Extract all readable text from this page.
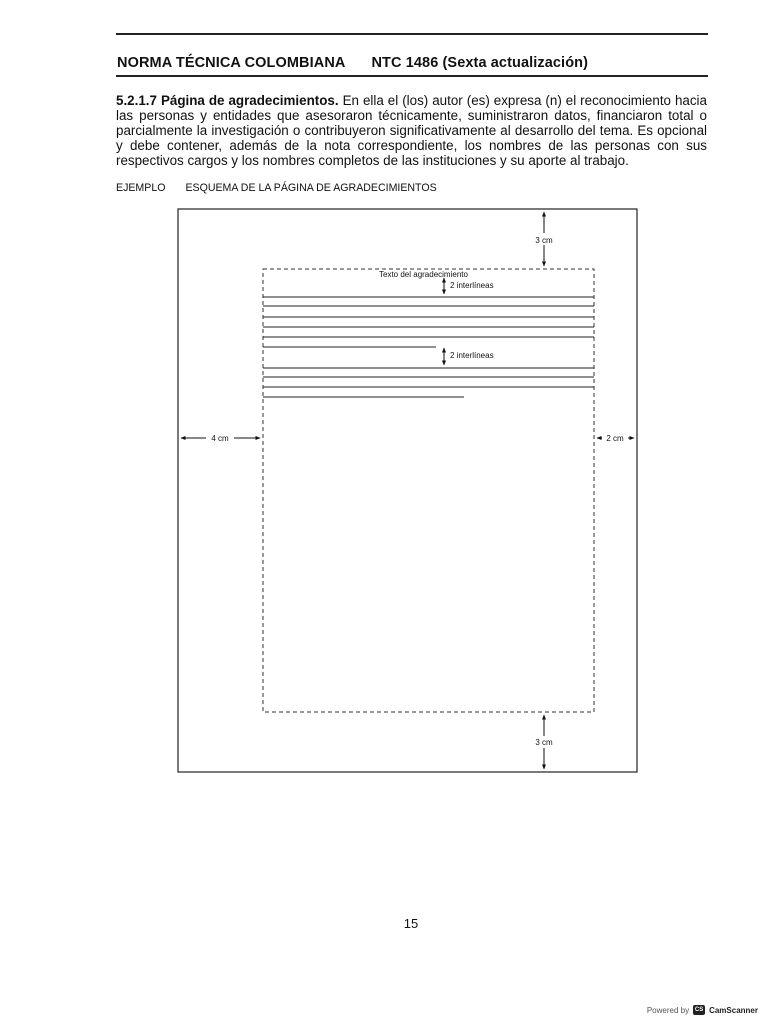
NORMA TÉCNICA COLOMBIANA NTC 1486 (Sexta actualización)
5.2.1.7 Página de agradecimientos. En ella el (los) autor (es) expresa (n) el reconocimiento hacia las personas y entidades que asesoraron técnicamente, suministraron datos, financiaron total o parcialmente la investigación o contribuyeron significativamente al desarrollo del tema. Es opcional y debe contener, además de la nota correspondiente, los nombres de las personas con sus respectivos cargos y los nombres completos de las instituciones y su aporte al trabajo.
EJEMPLO ESQUEMA DE LA PÁGINA DE AGRADECIMIENTOS
3 cm
3 cm
4 cm	2 cm
Texto del agradecimiento
2 interlíneas
2 interlíneas
15
Powered by CS CamScanner
